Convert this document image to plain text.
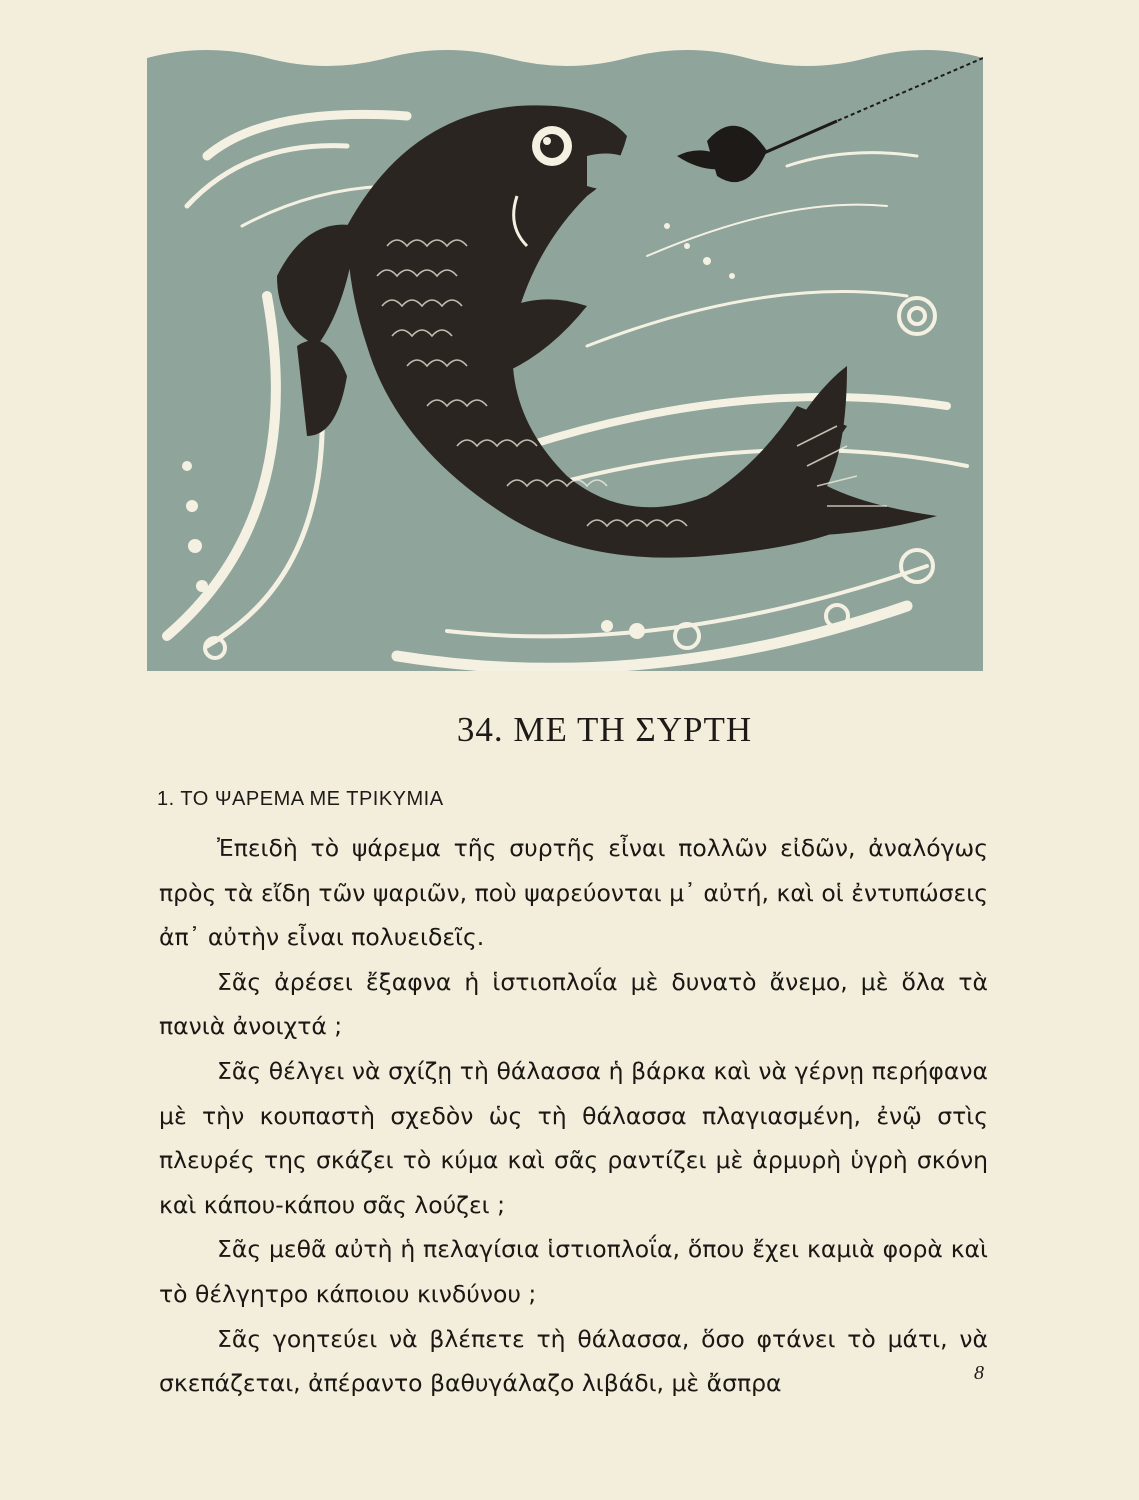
34. ΜΕ ΤΗ ΣΥΡΤΗ
1. ΤΟ ΨΑΡΕΜΑ ΜΕ ΤΡΙΚΥΜΙΑ

Ἐπειδὴ τὸ ψάρεμα τῆς συρτῆς εἶναι πολλῶν εἰδῶν, ἀναλόγως πρὸς τὰ εἴδη τῶν ψαριῶν, ποὺ ψαρεύονται μ᾽ αὐτή, καὶ οἱ ἐντυπώσεις ἀπ᾽ αὐτὴν εἶναι πολυειδεῖς.

Σᾶς ἀρέσει ἔξαφνα ἡ ἱστιοπλοΐα μὲ δυνατὸ ἄνεμο, μὲ ὅλα τὰ πανιὰ ἀνοιχτά ;

Σᾶς θέλγει νὰ σχίζῃ τὴ θάλασσα ἡ βάρκα καὶ νὰ γέρνῃ περήφανα μὲ τὴν κουπαστὴ σχεδὸν ὡς τὴ θάλασσα πλαγιασμένη, ἐνῷ στὶς πλευρές της σκάζει τὸ κύμα καὶ σᾶς ραντίζει μὲ ἁρμυρὴ ὑγρὴ σκόνη καὶ κάπου-κάπου σᾶς λούζει ;

Σᾶς μεθᾶ αὐτὴ ἡ πελαγίσια ἱστιοπλοΐα, ὅπου ἔχει καμιὰ φορὰ καὶ τὸ θέλγητρο κάποιου κινδύνου ;

Σᾶς γοητεύει νὰ βλέπετε τὴ θάλασσα, ὅσο φτάνει τὸ μάτι, νὰ σκεπάζεται, ἀπέραντο βαθυγάλαζο λιβάδι, μὲ ἄσπρα	8
